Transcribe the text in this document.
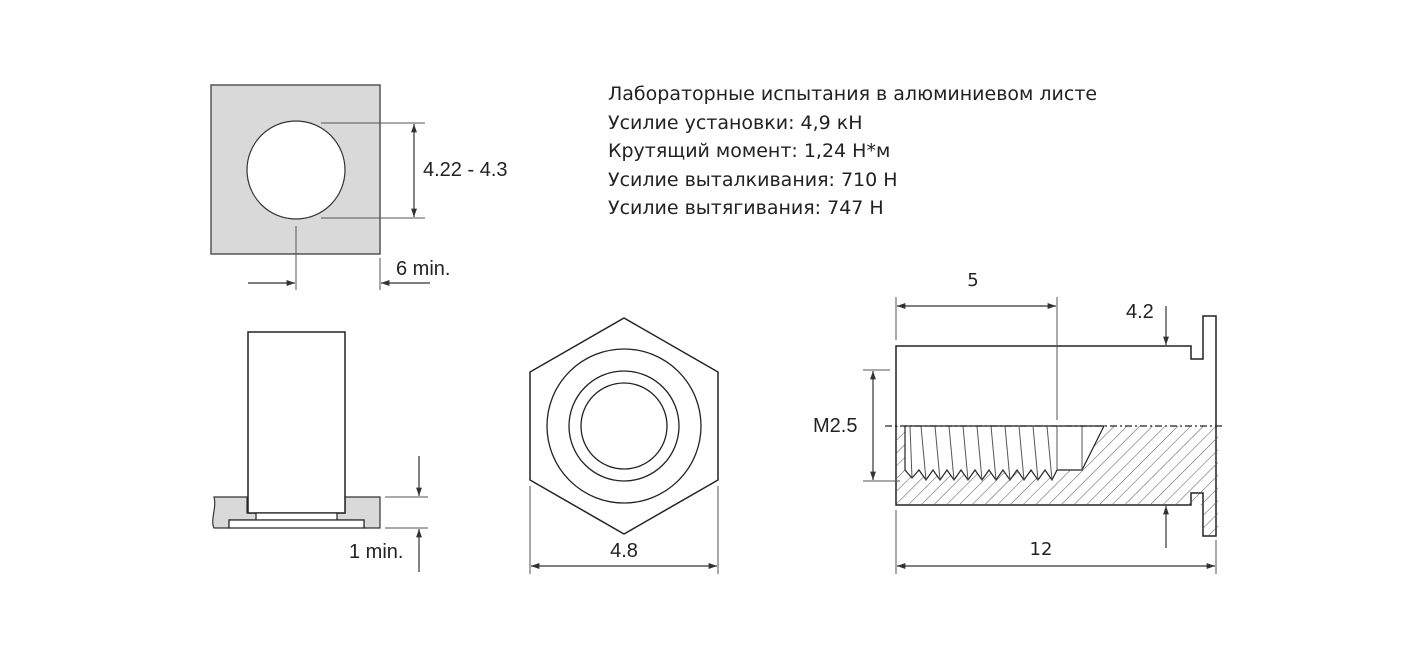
Лабораторные испытания в алюминиевом листе
Усилие установки: 4,9 кН
Крутящий момент: 1,24 Н*м
Усилие выталкивания: 710 Н
Усилие вытягивания: 747 Н
4.22 - 4.3
6 min.
1 min.	4.8
5
4.2
M2.5
12
